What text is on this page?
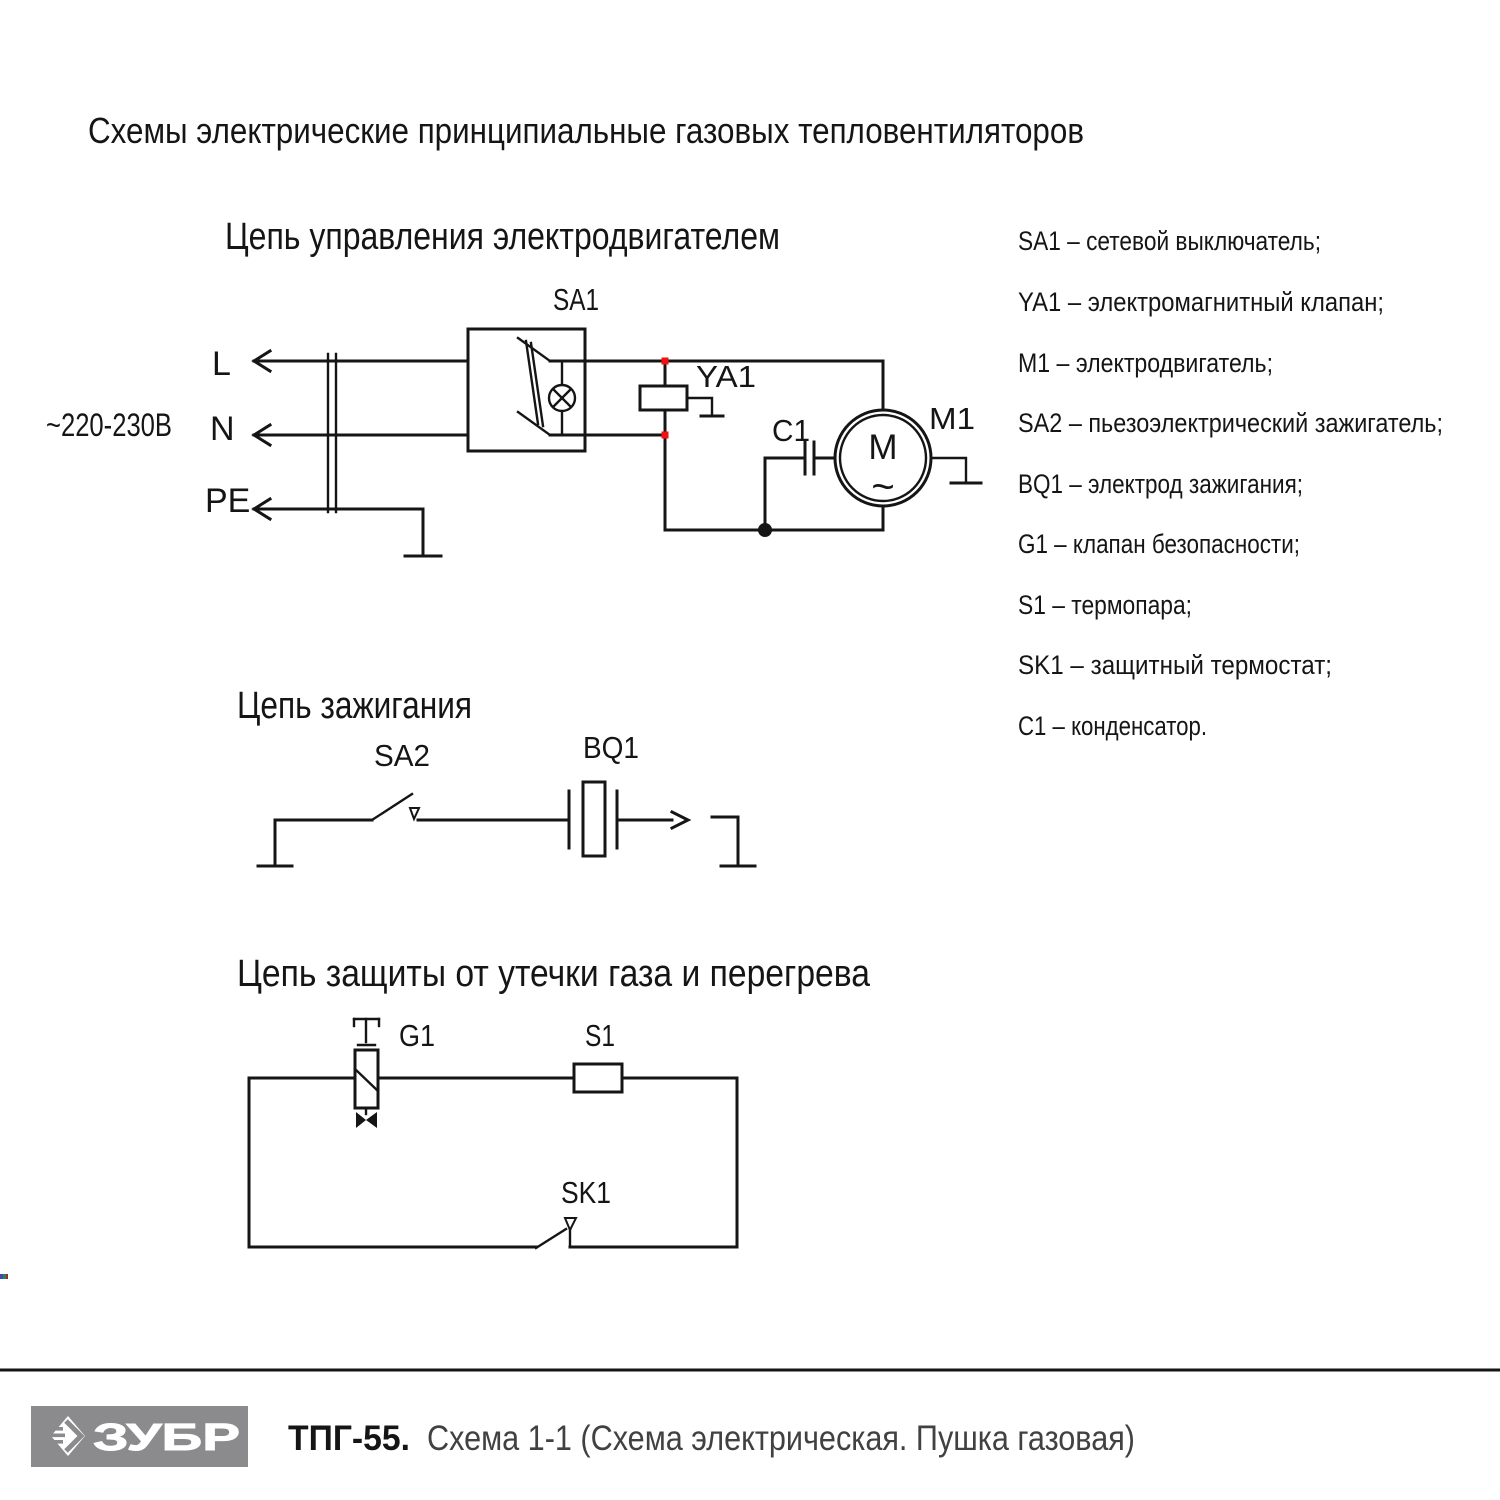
Схемы электрические принципиальные газовых тепловентиляторов
Цепь управления электродвигателем
~220-230В
L
N
PE
SA1
YA1
C1 M
~
M1
SA1 – сетевой выключатель;
YA1 – электромагнитный клапан;
M1 – электродвигатель;
SA2 – пьезоэлектрический зажигатель;
BQ1 – электрод зажигания;
G1 – клапан безопасности;
S1 – термопара;
SK1 – защитный термостат;
C1 – конденсатор.
Цепь зажигания
SA2	BQ1
Цепь защиты от утечки газа и перегрева
G1	S1
SK1
ЗУБР ТПГ-55. Схема 1-1 (Схема электрическая. Пушка газовая)
